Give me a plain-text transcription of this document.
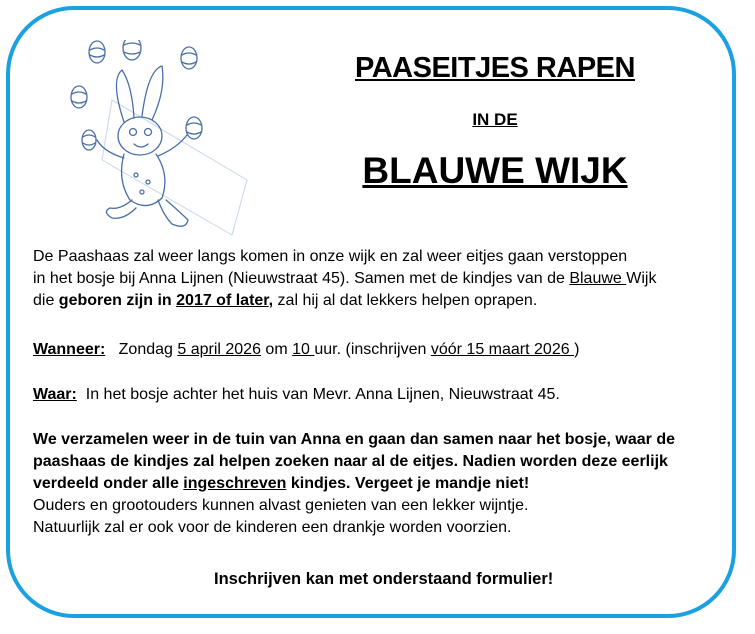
PAASEITJES RAPEN
IN DE
BLAUWE WIJK
De Paashaas zal weer langs komen in onze wijk en zal weer eitjes gaan verstoppen
in het bosje bij Anna Lijnen (Nieuwstraat 45). Samen met de kindjes van de Blauwe Wijk
die geboren zijn in 2017 of later, zal hij al dat lekkers helpen oprapen.
Wanneer:   Zondag 5 april 2026 om 10 uur. (inschrijven vóór 15 maart 2026 )
Waar:  In het bosje achter het huis van Mevr. Anna Lijnen, Nieuwstraat 45.
We verzamelen weer in de tuin van Anna en gaan dan samen naar het bosje, waar de
paashaas de kindjes zal helpen zoeken naar al de eitjes. Nadien worden deze eerlijk
verdeeld onder alle ingeschreven kindjes. Vergeet je mandje niet!
Ouders en grootouders kunnen alvast genieten van een lekker wijntje.
Natuurlijk zal er ook voor de kinderen een drankje worden voorzien.
Inschrijven kan met onderstaand formulier!
